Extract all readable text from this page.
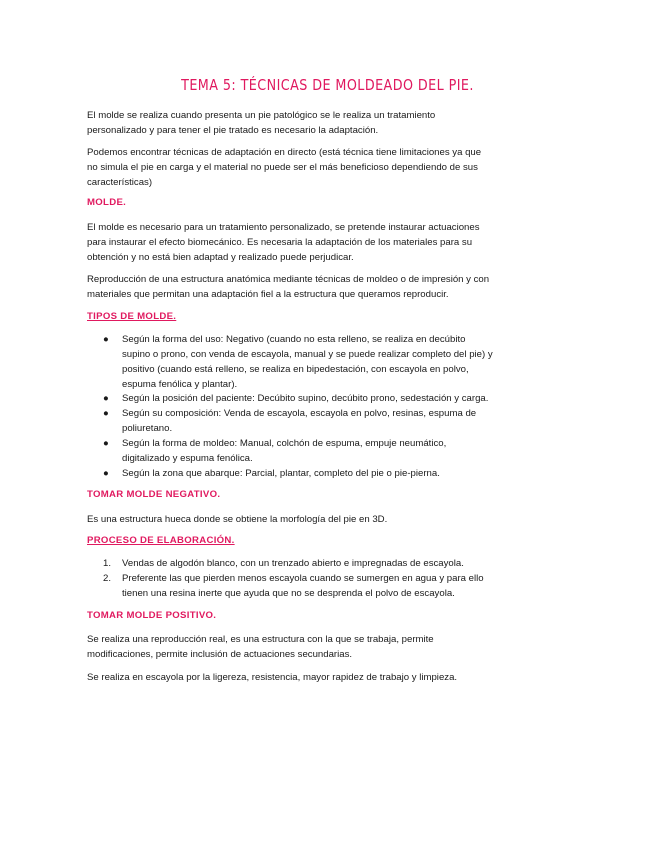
TEMA 5: TÉCNICAS DE MOLDEADO DEL PIE.
El molde se realiza cuando presenta un pie patológico se le realiza un tratamiento
personalizado y para tener el pie tratado es necesario la adaptación.
Podemos encontrar técnicas de adaptación en directo (está técnica tiene limitaciones ya que
no simula el pie en carga y el material no puede ser el más beneficioso dependiendo de sus
características)
MOLDE.
El molde es necesario para un tratamiento personalizado, se pretende instaurar actuaciones
para instaurar el efecto biomecánico. Es necesaria la adaptación de los materiales para su
obtención y no está bien adaptad y realizado puede perjudicar.
Reproducción de una estructura anatómica mediante técnicas de moldeo o de impresión y con
materiales que permitan una adaptación fiel a la estructura que queramos reproducir.
TIPOS DE MOLDE.
●	Según la forma del uso: Negativo (cuando no esta relleno, se realiza en decúbito
supino o prono, con venda de escayola, manual y se puede realizar completo del pie) y
positivo (cuando está relleno, se realiza en bipedestación, con escayola en polvo,
espuma fenólica y plantar).
●	Según la posición del paciente: Decúbito supino, decúbito prono, sedestación y carga.
●	Según su composición: Venda de escayola, escayola en polvo, resinas, espuma de
poliuretano.
●	Según la forma de moldeo: Manual, colchón de espuma, empuje neumático,
digitalizado y espuma fenólica.
●	Según la zona que abarque: Parcial, plantar, completo del pie o pie-pierna.
TOMAR MOLDE NEGATIVO.
Es una estructura hueca donde se obtiene la morfología del pie en 3D.
PROCESO DE ELABORACIÓN.
1.	Vendas de algodón blanco, con un trenzado abierto e impregnadas de escayola.
2.	Preferente las que pierden menos escayola cuando se sumergen en agua y para ello
tienen una resina inerte que ayuda que no se desprenda el polvo de escayola.
TOMAR MOLDE POSITIVO.
Se realiza una reproducción real, es una estructura con la que se trabaja, permite
modificaciones, permite inclusión de actuaciones secundarias.
Se realiza en escayola por la ligereza, resistencia, mayor rapidez de trabajo y limpieza.
